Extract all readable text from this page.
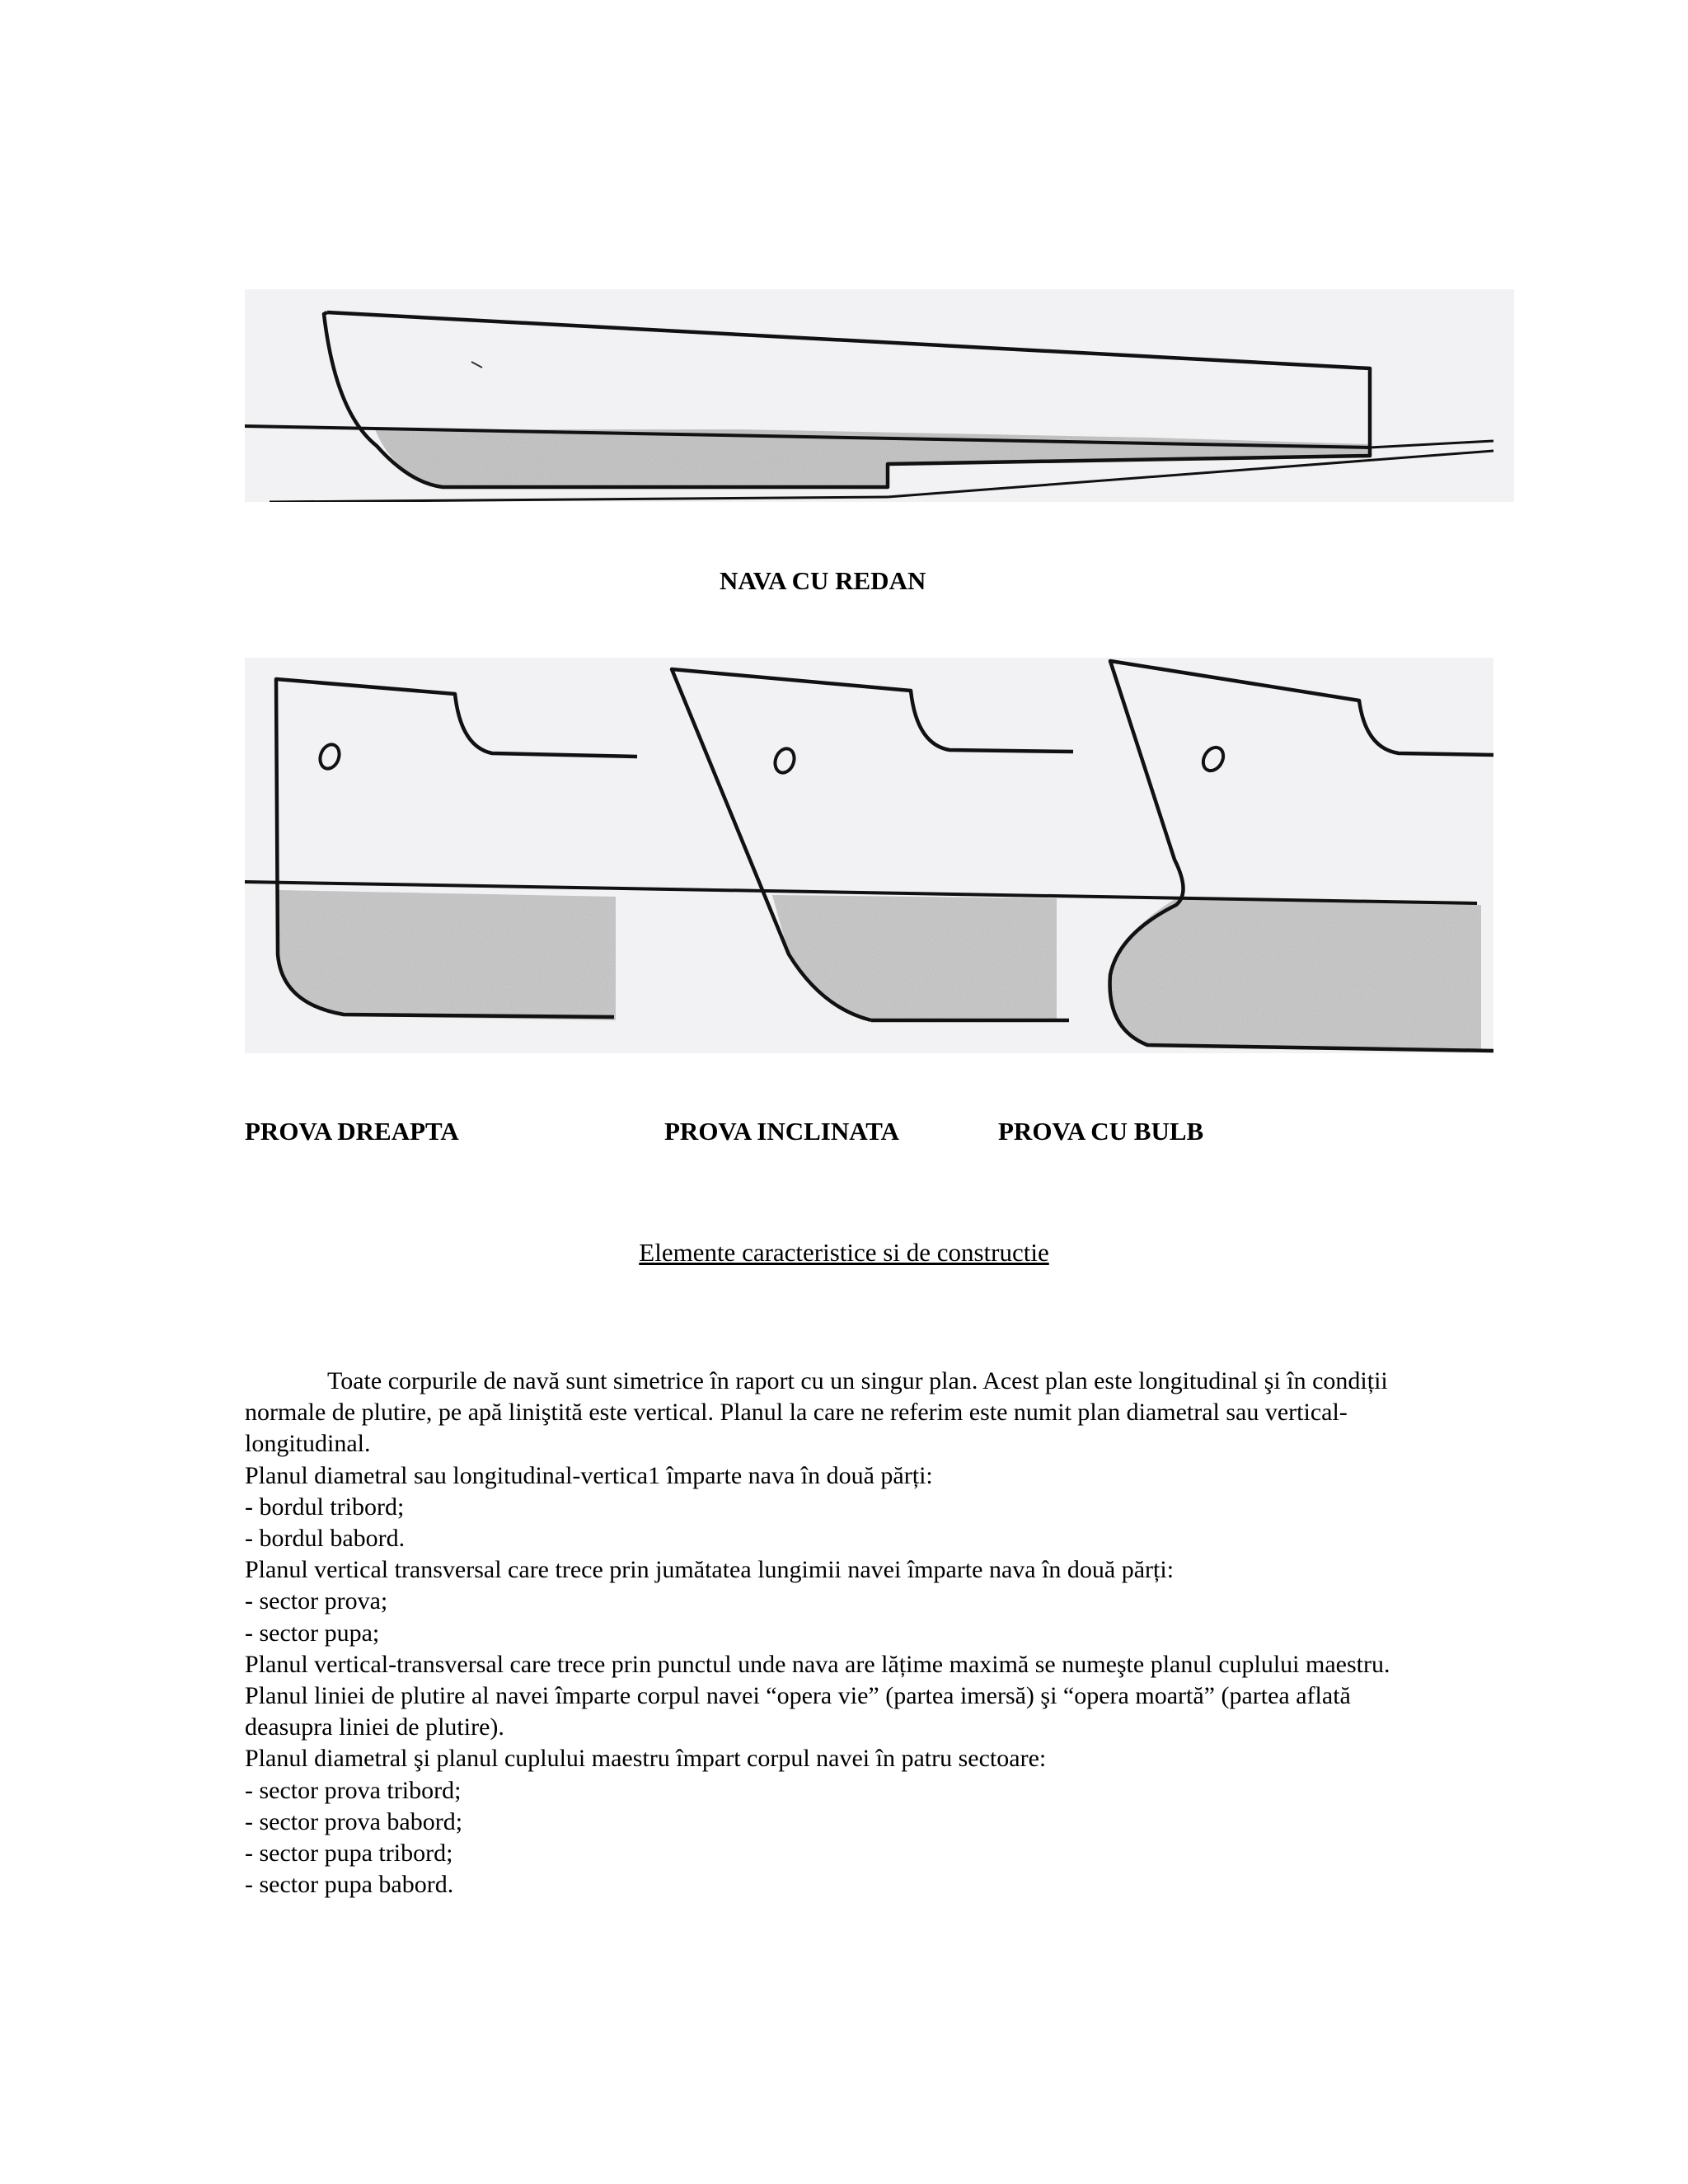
NAVA CU REDAN
PROVA DREAPTA	PROVA INCLINATA	PROVA CU BULB
Elemente caracteristice si de constructie

Toate corpurile de navă sunt simetrice în raport cu un singur plan. Acest plan este longitudinal şi în condiții normale de plutire, pe apă liniştită este vertical. Planul la care ne referim este numit plan diametral sau vertical-longitudinal.

Planul diametral sau longitudinal-vertica1 împarte nava în două părți:

- bordul tribord;

- bordul babord.

Planul vertical transversal care trece prin jumătatea lungimii navei împarte nava în două părți:

- sector prova;

- sector pupa;

Planul vertical-transversal care trece prin punctul unde nava are lățime maximă se numeşte planul cuplului maestru.

Planul liniei de plutire al navei împarte corpul navei “opera vie” (partea imersă) şi “opera moartă” (partea aflată deasupra liniei de plutire).

Planul diametral şi planul cuplului maestru împart corpul navei în patru sectoare:

- sector prova tribord;

- sector prova babord;

- sector pupa tribord;

- sector pupa babord.
